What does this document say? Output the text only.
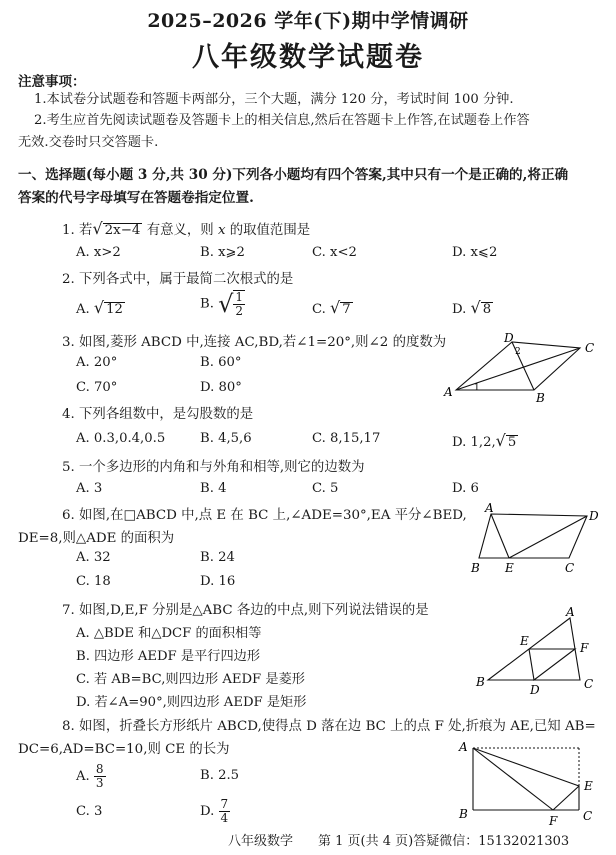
2025–2026 学年(下)期中学情调研
八年级数学试题卷
注意事项：
1.本试卷分试题卷和答题卡两部分，三个大题，满分 120 分，考试时间 100 分钟.
2.考生应首先阅读试题卷及答题卡上的相关信息,然后在答题卡上作答,在试题卷上作答
无效.交卷时只交答题卡.
一、选择题(每小题 3 分,共 30 分)下列各小题均有四个答案,其中只有一个是正确的,将正确
答案的代号字母填写在答题卷指定位置.
1. 若√ 2x−4 有意义，则 x 的取值范围是
A. x>2	B. x⩾2	C. x<2	D. x⩽2
2. 下列各式中，属于最简二次根式的是
A. √ 12	B. √ $\frac{1}{2}$	C. √ 7	D. √ 8
3. 如图,菱形 ABCD 中,连接 AC,BD,若∠1=20°,则∠2 的度数为
A. 20°	B. 60°
C. 70°	D. 80°	A	B
C
D
1
2
4. 下列各组数中，是勾股数的是
A. 0.3,0.4,0.5	B. 4,5,6	C. 8,15,17	D. 1,2,√ 5
5. 一个多边形的内角和与外角和相等,则它的边数为
A. 3	B. 4	C. 5	D. 6
6. 如图,在□ABCD 中,点 E 在 BC 上,∠ADE=30°,EA 平分∠BED,
DE=8,则△ADE 的面积为
A. 32	B. 24
C. 18	D. 16
A
D
B E	C
7. 如图,D,E,F 分别是△ABC 各边的中点,则下列说法错误的是
A. △BDE 和△DCF 的面积相等
B. 四边形 AEDF 是平行四边形
C. 若 AB=BC,则四边形 AEDF 是菱形
D. 若∠A=90°,则四边形 AEDF 是矩形
A
B	C
D
E	F
8. 如图，折叠长方形纸片 ABCD,使得点 D 落在边 BC 上的点 F 处,折痕为 AE,已知 AB=
DC=6,AD=BC=10,则 CE 的长为
A. $\frac{8}{3}$	B. 2.5
C. 3	D. $\frac{7}{4}$
A
B	C
E
F
八年级数学 第 1 页(共 4 页)答疑微信：15132021303
